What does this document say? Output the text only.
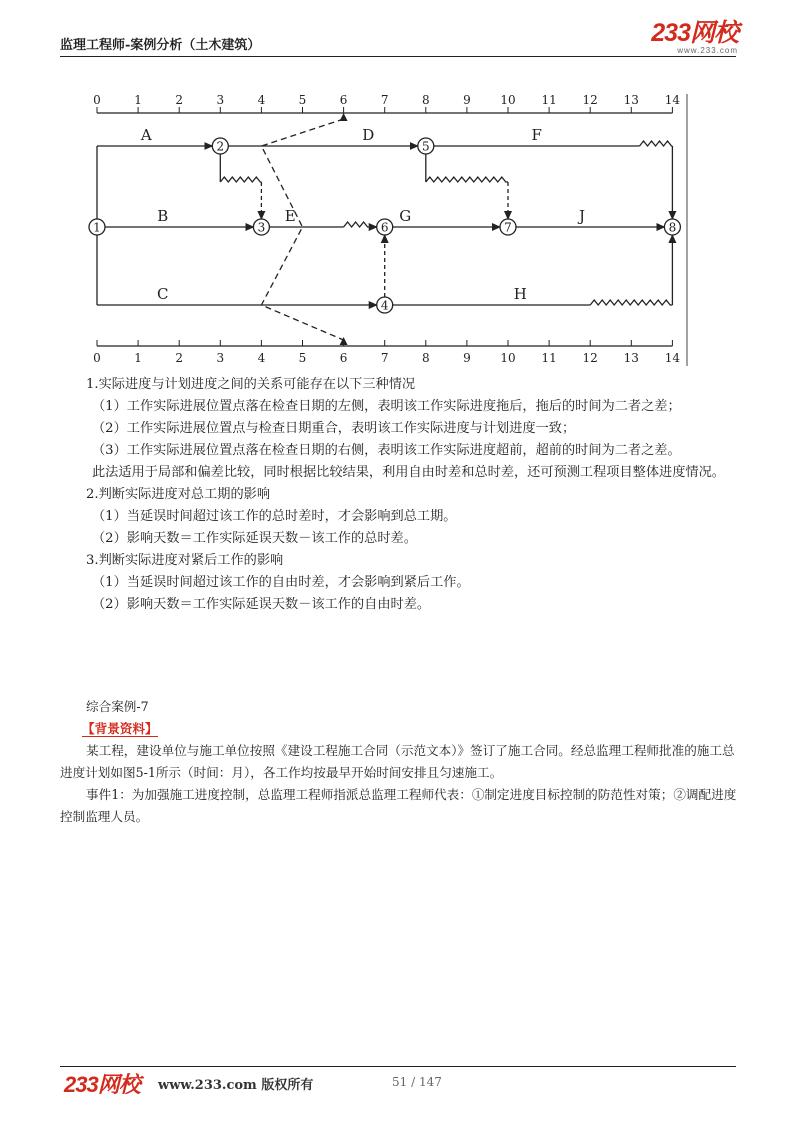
监理工程师-案例分析（土木建筑）	233网校
www.233.com
0	1	2	3	4	5	6	7	8	9 10 11 12 13 14
0	1	2	3	4	5	6	7	8	9 10 11 12 13 14
A	D	F
B	E	G	J
C	H
1
2
3
4
5
6	7	8

1.实际进度与计划进度之间的关系可能存在以下三种情况

（1）工作实际进展位置点落在检查日期的左侧，表明该工作实际进度拖后，拖后的时间为二者之差；

（2）工作实际进展位置点与检查日期重合，表明该工作实际进度与计划进度一致；

（3）工作实际进展位置点落在检查日期的右侧，表明该工作实际进度超前，超前的时间为二者之差。

此法适用于局部和偏差比较，同时根据比较结果，利用自由时差和总时差，还可预测工程项目整体进度情况。

2.判断实际进度对总工期的影响

（1）当延误时间超过该工作的总时差时，才会影响到总工期。

（2）影响天数＝工作实际延误天数－该工作的总时差。

3.判断实际进度对紧后工作的影响

（1）当延误时间超过该工作的自由时差，才会影响到紧后工作。

（2）影响天数＝工作实际延误天数－该工作的自由时差。

综合案例-7

【背景资料】

某工程，建设单位与施工单位按照《建设工程施工合同（示范文本）》签订了施工合同。经总监理工程师批准的施工总进度计划如图5-1所示（时间：月），各工作均按最早开始时间安排且匀速施工。

事件1：为加强施工进度控制，总监理工程师指派总监理工程师代表：①制定进度目标控制的防范性对策；②调配进度控制监理人员。

233网校 www.233.com 版权所有	51 / 147
